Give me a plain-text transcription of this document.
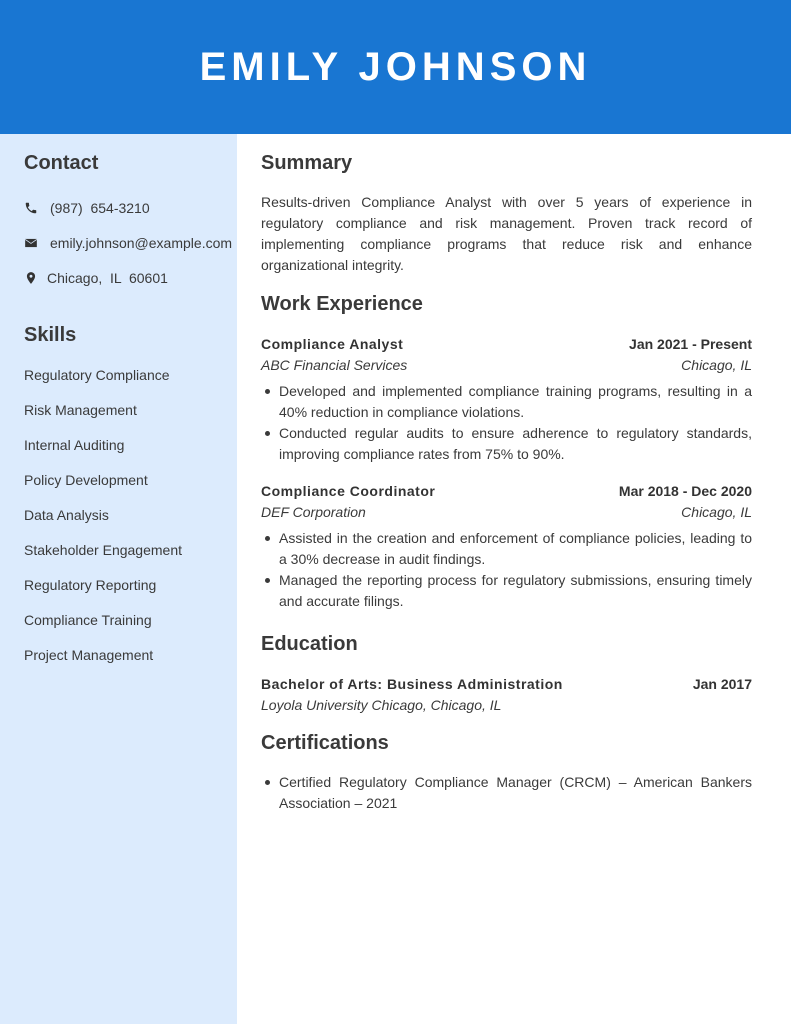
EMILY JOHNSON
Contact
(987)  654-3210
emily.johnson@example.com
Chicago,  IL  60601
Skills
Regulatory Compliance
Risk Management
Internal Auditing
Policy Development
Data Analysis
Stakeholder Engagement
Regulatory Reporting
Compliance Training
Project Management
Summary
Results-driven Compliance Analyst with over 5 years of experience in regulatory compliance and risk management. Proven track record of implementing compliance programs that reduce risk and enhance organizational integrity.
Work Experience
Compliance Analyst	Jan 2021 - Present
ABC Financial Services	Chicago, IL
Developed and implemented compliance training programs, resulting in a 40% reduction in compliance violations.
Conducted regular audits to ensure adherence to regulatory standards, improving compliance rates from 75% to 90%.
Compliance Coordinator	Mar 2018 - Dec 2020
DEF Corporation	Chicago, IL
Assisted in the creation and enforcement of compliance policies, leading to a 30% decrease in audit findings.
Managed the reporting process for regulatory submissions, ensuring timely and accurate filings.
Education
Bachelor of Arts: Business Administration	Jan 2017
Loyola University Chicago, Chicago, IL
Certifications
Certified Regulatory Compliance Manager (CRCM) – American Bankers Association – 2021
